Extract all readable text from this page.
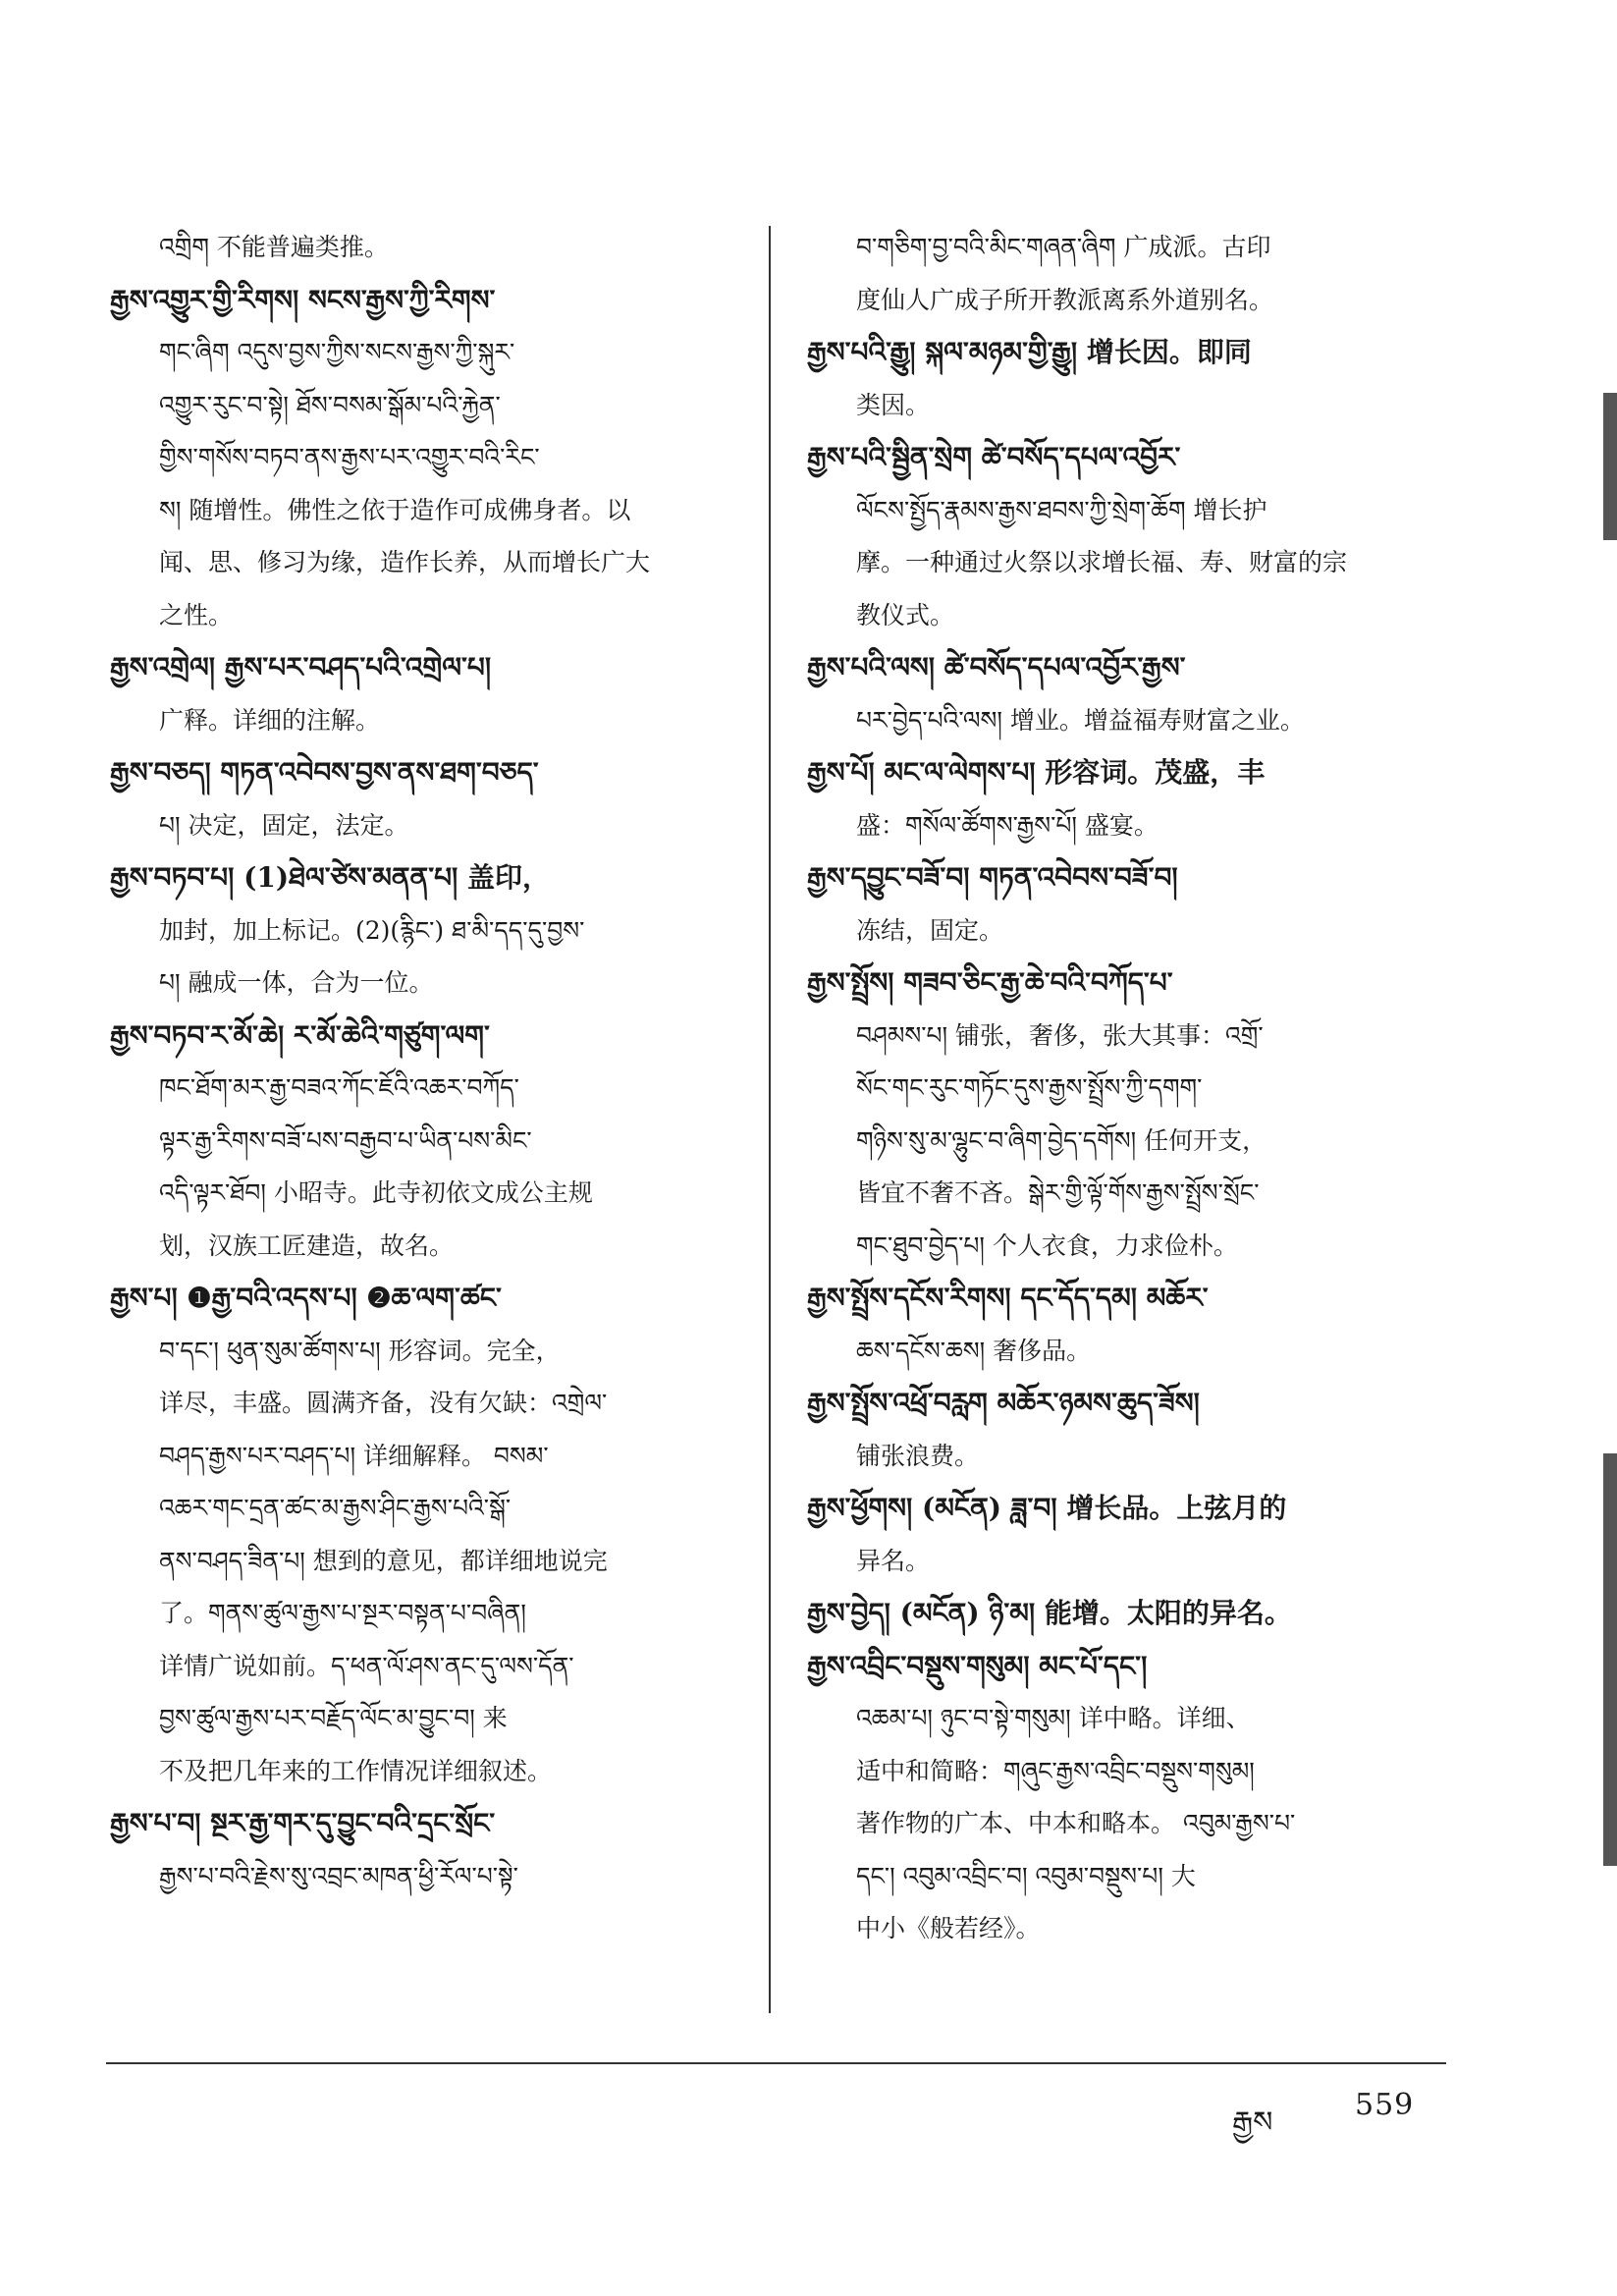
འགྲིག 不能普遍类推。
རྒྱས་འགྱུར་གྱི་རིགས། སངས་རྒྱས་ཀྱི་རིགས་
གང་ཞིག འདུས་བྱས་ཀྱིས་སངས་རྒྱས་ཀྱི་སྐུར་
འགྱུར་རུང་བ་སྟེ། ཐོས་བསམ་སྒོམ་པའི་རྐྱེན་
གྱིས་གསོས་བཏབ་ནས་རྒྱས་པར་འགྱུར་བའི་རིང་
ས། 随增性。佛性之依于造作可成佛身者。以
闻、思、修习为缘，造作长养，从而增长广大
之性。
རྒྱས་འགྲེལ། རྒྱས་པར་བཤད་པའི་འགྲེལ་པ།
广释。详细的注解。
རྒྱས་བཅད། གཏན་འབེབས་བྱས་ནས་ཐག་བཅད་
པ། 决定，固定，法定。
རྒྱས་བཏབ་པ། (1)ཐེལ་ཙེས་མནན་པ། 盖印，
加封，加上标记。(2)(རྙིང་) ཐ་མི་དད་དུ་བྱས་
པ། 融成一体，合为一位。
རྒྱས་བཏབ་ར་མོ་ཆེ། ར་མོ་ཆེའི་གཙུག་ལག་
ཁང་ཐོག་མར་རྒྱ་བཟའ་ཀོང་ཇོའི་འཆར་བཀོད་
ལྟར་རྒྱ་རིགས་བཟོ་པས་བརྒྱབ་པ་ཡིན་པས་མིང་
འདི་ལྟར་ཐོབ། 小昭寺。此寺初依文成公主规
划，汉族工匠建造，故名。
རྒྱས་པ། ❶རྒྱ་བའི་འདས་པ། ❷ཆ་ལག་ཚང་
བ་དང་། ཕུན་སུམ་ཚོགས་པ། 形容词。完全，
详尽，丰盛。圆满齐备，没有欠缺：འགྲེལ་
བཤད་རྒྱས་པར་བཤད་པ། 详细解释。 བསམ་
འཆར་གང་དྲན་ཚང་མ་རྒྱས་ཤིང་རྒྱས་པའི་སྒོ་
ནས་བཤད་ཟིན་པ། 想到的意见，都详细地说完
了。གནས་ཚུལ་རྒྱས་པ་སྔར་བསྟན་པ་བཞིན།
详情广说如前。ད་ཕན་ལོ་ཤས་ནང་དུ་ལས་དོན་
བྱས་ཚུལ་རྒྱས་པར་བརྗོད་ལོང་མ་བྱུང་བ། 来
不及把几年来的工作情况详细叙述。
རྒྱས་པ་བ། སྔར་རྒྱ་གར་དུ་བྱུང་བའི་དྲང་སྲོང་
རྒྱས་པ་བའི་རྗེས་སུ་འབྲང་མཁན་ཕྱི་རོལ་པ་སྟེ་
བ་གཅིག་བྱ་བའི་མིང་གཞན་ཞིག 广成派。古印
度仙人广成子所开教派离系外道别名。
རྒྱས་པའི་རྒྱུ། སྐལ་མཉམ་གྱི་རྒྱུ། 增长因。即同
类因。
རྒྱས་པའི་སྦྱིན་སྲེག ཚེ་བསོད་དཔལ་འབྱོར་
ལོངས་སྤྱོད་རྣམས་རྒྱས་ཐབས་ཀྱི་སྲེག་ཆོག 增长护
摩。一种通过火祭以求增长福、寿、财富的宗
教仪式。
རྒྱས་པའི་ལས། ཚེ་བསོད་དཔལ་འབྱོར་རྒྱས་
པར་བྱེད་པའི་ལས། 增业。增益福寿财富之业。
རྒྱས་པོ། མང་ལ་ལེགས་པ། 形容词。茂盛，丰
盛：གསོལ་ཚོགས་རྒྱས་པོ། 盛宴。
རྒྱས་དབྱུང་བཟོ་བ། གཏན་འབེབས་བཟོ་བ།
冻结，固定。
རྒྱས་སྤྲོས། གཟབ་ཅིང་རྒྱ་ཆེ་བའི་བཀོད་པ་
བཤམས་པ། 铺张，奢侈，张大其事：འགྲོ་
སོང་གང་རུང་གཏོང་དུས་རྒྱས་སྤྲོས་ཀྱི་དགག་
གཉིས་སུ་མ་ལྷུང་བ་ཞིག་བྱེད་དགོས། 任何开支，
皆宜不奢不吝。སྒེར་གྱི་ལྟོ་གོས་རྒྱས་སྤྲོས་སྲོང་
གང་ཐུབ་བྱེད་པ། 个人衣食，力求俭朴。
རྒྱས་སྤྲོས་དངོས་རིགས། དང་དོད་དམ། མཆོར་
ཆས་དངོས་ཆས། 奢侈品。
རྒྱས་སྤྲོས་འཕྲོ་བརླག མཆོར་ཉམས་ཆུད་ཟོས།
铺张浪费。
རྒྱས་ཕྱོགས། (མངོན) ཟླ་བ། 增长品。上弦月的
异名。
རྒྱས་བྱེད། (མངོན) ཉི་མ། 能增。太阳的异名。
རྒྱས་འབྲིང་བསྡུས་གསུམ། མང་པོ་དང་།
འཆམ་པ། ཉུང་བ་སྟེ་གསུམ། 详中略。详细、
适中和简略：གཞུང་རྒྱས་འབྲིང་བསྡུས་གསུམ།
著作物的广本、中本和略本。 འབུམ་རྒྱས་པ་
དང་། འབུམ་འབྲིང་བ། འབུམ་བསྡུས་པ། 大
中小《般若经》。
རྒྱས
559
